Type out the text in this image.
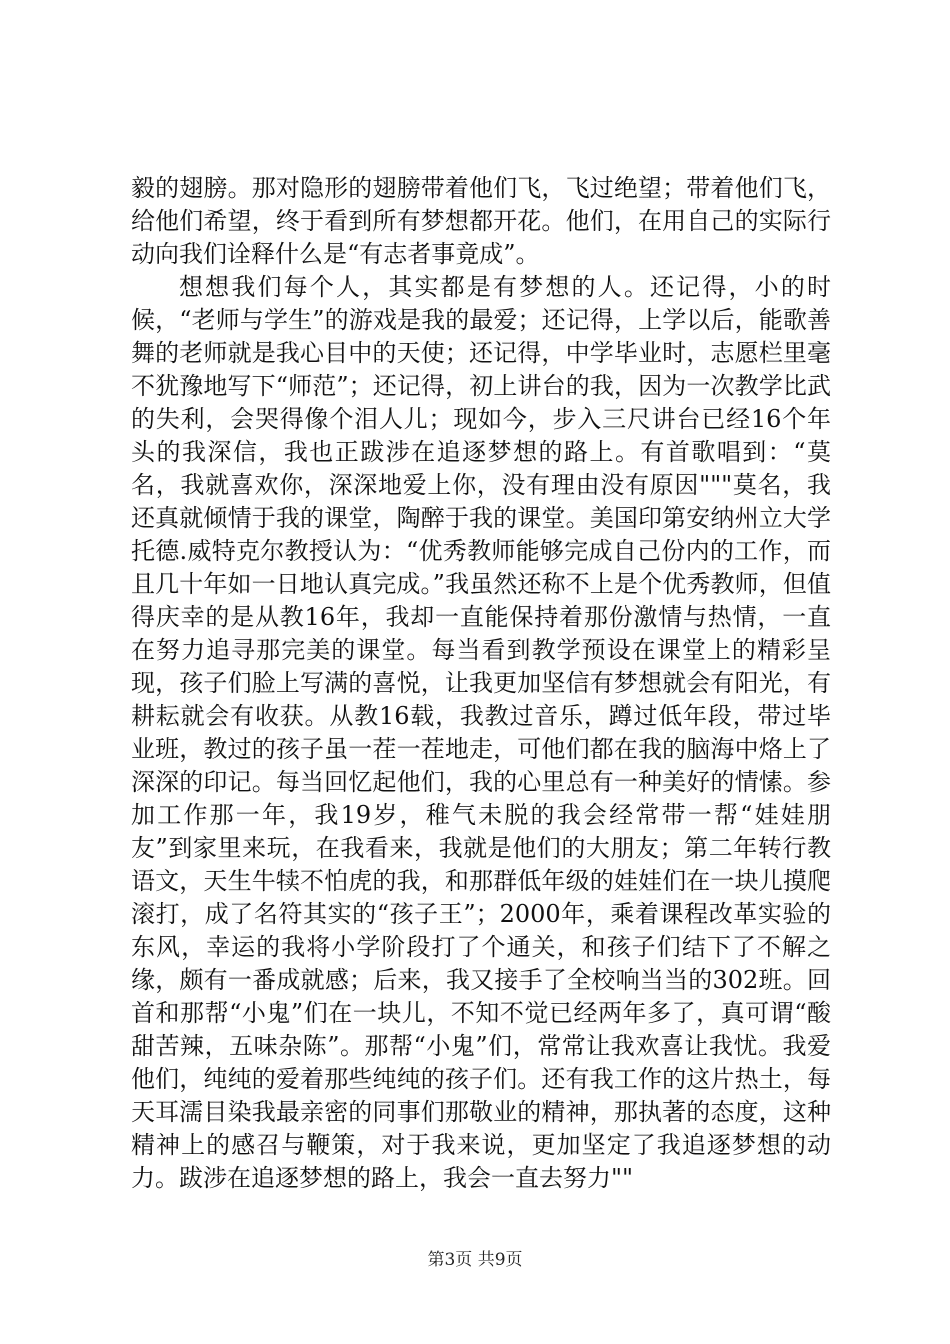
毅的翅膀。那对隐形的翅膀带着他们飞，飞过绝望；带着他们飞，给他们希望，终于看到所有梦想都开花。他们，在用自己的实际行动向我们诠释什么是“有志者事竟成”。

想想我们每个人，其实都是有梦想的人。还记得，小的时候，“老师与学生”的游戏是我的最爱；还记得，上学以后，能歌善舞的老师就是我心目中的天使；还记得，中学毕业时，志愿栏里毫不犹豫地写下“师范”；还记得，初上讲台的我，因为一次教学比武的失利，会哭得像个泪人儿；现如今，步入三尺讲台已经16个年头的我深信，我也正跋涉在追逐梦想的路上。有首歌唱到：“莫名，我就喜欢你，深深地爱上你，没有理由没有原因"""莫名，我还真就倾情于我的课堂，陶醉于我的课堂。美国印第安纳州立大学托德.威特克尔教授认为：“优秀教师能够完成自己份内的工作，而且几十年如一日地认真完成。”我虽然还称不上是个优秀教师，但值得庆幸的是从教16年，我却一直能保持着那份激情与热情，一直在努力追寻那完美的课堂。每当看到教学预设在课堂上的精彩呈现，孩子们脸上写满的喜悦，让我更加坚信有梦想就会有阳光，有耕耘就会有收获。从教16载，我教过音乐，蹲过低年段，带过毕业班，教过的孩子虽一茬一茬地走，可他们都在我的脑海中烙上了深深的印记。每当回忆起他们，我的心里总有一种美好的情愫。参加工作那一年，我19岁，稚气未脱的我会经常带一帮“娃娃朋友”到家里来玩，在我看来，我就是他们的大朋友；第二年转行教语文，天生牛犊不怕虎的我，和那群低年级的娃娃们在一块儿摸爬滚打，成了名符其实的“孩子王”；2000年，乘着课程改革实验的东风，幸运的我将小学阶段打了个通关，和孩子们结下了不解之缘，颇有一番成就感；后来，我又接手了全校响当当的302班。回首和那帮“小鬼”们在一块儿，不知不觉已经两年多了，真可谓“酸甜苦辣，五味杂陈”。那帮“小鬼”们，常常让我欢喜让我忧。我爱他们，纯纯的爱着那些纯纯的孩子们。还有我工作的这片热土，每天耳濡目染我最亲密的同事们那敬业的精神，那执著的态度，这种精神上的感召与鞭策，对于我来说，更加坚定了我追逐梦想的动力。跋涉在追逐梦想的路上，我会一直去努力""

第3页 共9页
